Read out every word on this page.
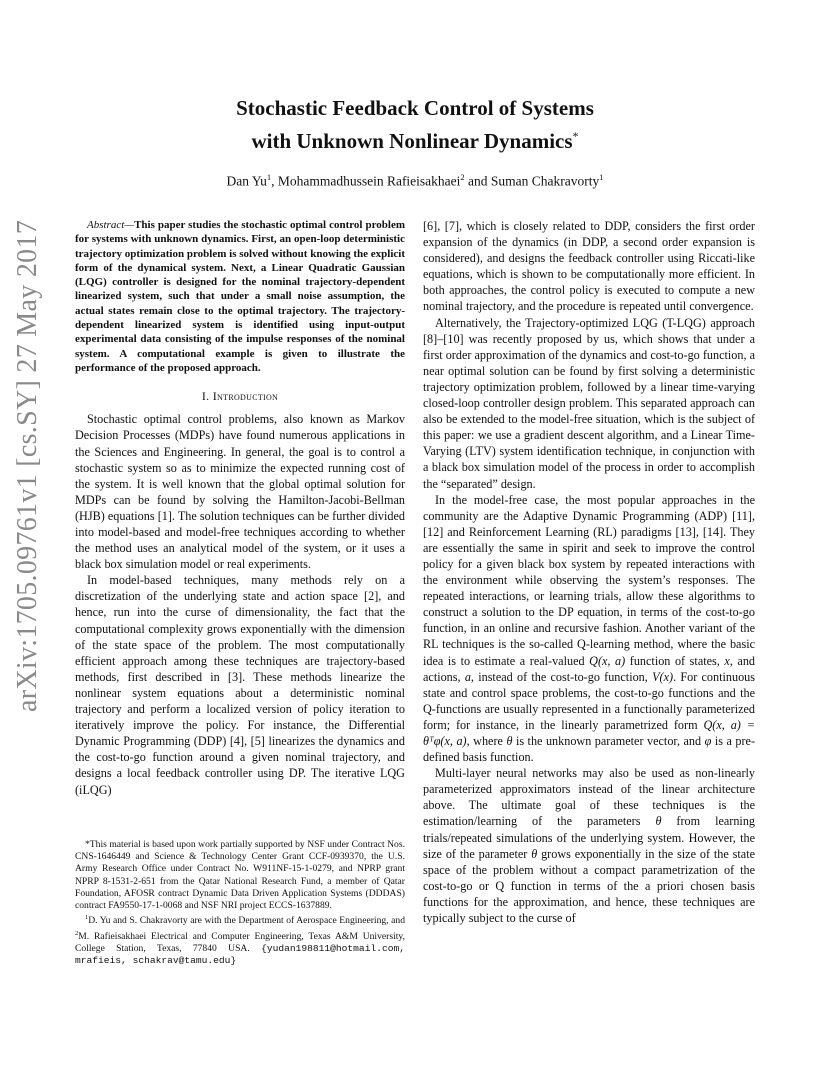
arXiv:1705.09761v1 [cs.SY] 27 May 2017
Stochastic Feedback Control of Systems
with Unknown Nonlinear Dynamics*
Dan Yu$^1$, Mohammadhussein Rafieisakhaei$^2$ and Suman Chakravorty$^1$

Abstract—This paper studies the stochastic optimal control problem for systems with unknown dynamics. First, an open-loop deterministic trajectory optimization problem is solved without knowing the explicit form of the dynamical system. Next, a Linear Quadratic Gaussian (LQG) controller is designed for the nominal trajectory-dependent linearized system, such that under a small noise assumption, the actual states remain close to the optimal trajectory. The trajectory-dependent linearized system is identified using input-output experimental data consisting of the impulse responses of the nominal system. A computational example is given to illustrate the performance of the proposed approach.

I. Introduction

Stochastic optimal control problems, also known as Markov Decision Processes (MDPs) have found numerous applications in the Sciences and Engineering. In general, the goal is to control a stochastic system so as to minimize the expected running cost of the system. It is well known that the global optimal solution for MDPs can be found by solving the Hamilton-Jacobi-Bellman (HJB) equations [1]. The solution techniques can be further divided into model-based and model-free techniques according to whether the method uses an analytical model of the system, or it uses a black box simulation model or real experiments.

In model-based techniques, many methods rely on a discretization of the underlying state and action space [2], and hence, run into the curse of dimensionality, the fact that the computational complexity grows exponentially with the dimension of the state space of the problem. The most computationally efficient approach among these techniques are trajectory-based methods, first described in [3]. These methods linearize the nonlinear system equations about a deterministic nominal trajectory and perform a localized version of policy iteration to iteratively improve the policy. For instance, the Differential Dynamic Programming (DDP) [4], [5] linearizes the dynamics and the cost-to-go function around a given nominal trajectory, and designs a local feedback controller using DP. The iterative LQG (iLQG)

*This material is based upon work partially supported by NSF under Contract Nos. CNS-1646449 and Science & Technology Center Grant CCF-0939370, the U.S. Army Research Office under Contract No. W911NF-15-1-0279, and NPRP grant NPRP 8-1531-2-651 from the Qatar National Research Fund, a member of Qatar Foundation, AFOSR contract Dynamic Data Driven Application Systems (DDDAS) contract FA9550-17-1-0068 and NSF NRI project ECCS-1637889.

$^1$D. Yu and S. Chakravorty are with the Department of Aerospace Engineering, and $^2$M. Rafieisakhaei Electrical and Computer Engineering, Texas A&M University, College Station, Texas, 77840 USA. {yudan198811@hotmail.com, mrafieis, schakrav@tamu.edu}

[6], [7], which is closely related to DDP, considers the first order expansion of the dynamics (in DDP, a second order expansion is considered), and designs the feedback controller using Riccati-like equations, which is shown to be computationally more efficient. In both approaches, the control policy is executed to compute a new nominal trajectory, and the procedure is repeated until convergence.

Alternatively, the Trajectory-optimized LQG (T-LQG) approach [8]–[10] was recently proposed by us, which shows that under a first order approximation of the dynamics and cost-to-go function, a near optimal solution can be found by first solving a deterministic trajectory optimization problem, followed by a linear time-varying closed-loop controller design problem. This separated approach can also be extended to the model-free situation, which is the subject of this paper: we use a gradient descent algorithm, and a Linear Time-Varying (LTV) system identification technique, in conjunction with a black box simulation model of the process in order to accomplish the “separated” design.

In the model-free case, the most popular approaches in the community are the Adaptive Dynamic Programming (ADP) [11], [12] and Reinforcement Learning (RL) paradigms [13], [14]. They are essentially the same in spirit and seek to improve the control policy for a given black box system by repeated interactions with the environment while observing the system’s responses. The repeated interactions, or learning trials, allow these algorithms to construct a solution to the DP equation, in terms of the cost-to-go function, in an online and recursive fashion. Another variant of the RL techniques is the so-called Q-learning method, where the basic idea is to estimate a real-valued Q(x, a) function of states, x, and actions, a, instead of the cost-to-go function, V(x). For continuous state and control space problems, the cost-to-go functions and the Q-functions are usually represented in a functionally parameterized form; for instance, in the linearly parametrized form Q(x, a) = θᵀφ(x, a), where θ is the unknown parameter vector, and φ is a pre-defined basis function.

Multi-layer neural networks may also be used as non-linearly parameterized approximators instead of the linear architecture above. The ultimate goal of these techniques is the estimation/learning of the parameters θ from learning trials/repeated simulations of the underlying system. However, the size of the parameter θ grows exponentially in the size of the state space of the problem without a compact parametrization of the cost-to-go or Q function in terms of the a priori chosen basis functions for the approximation, and hence, these techniques are typically subject to the curse of
